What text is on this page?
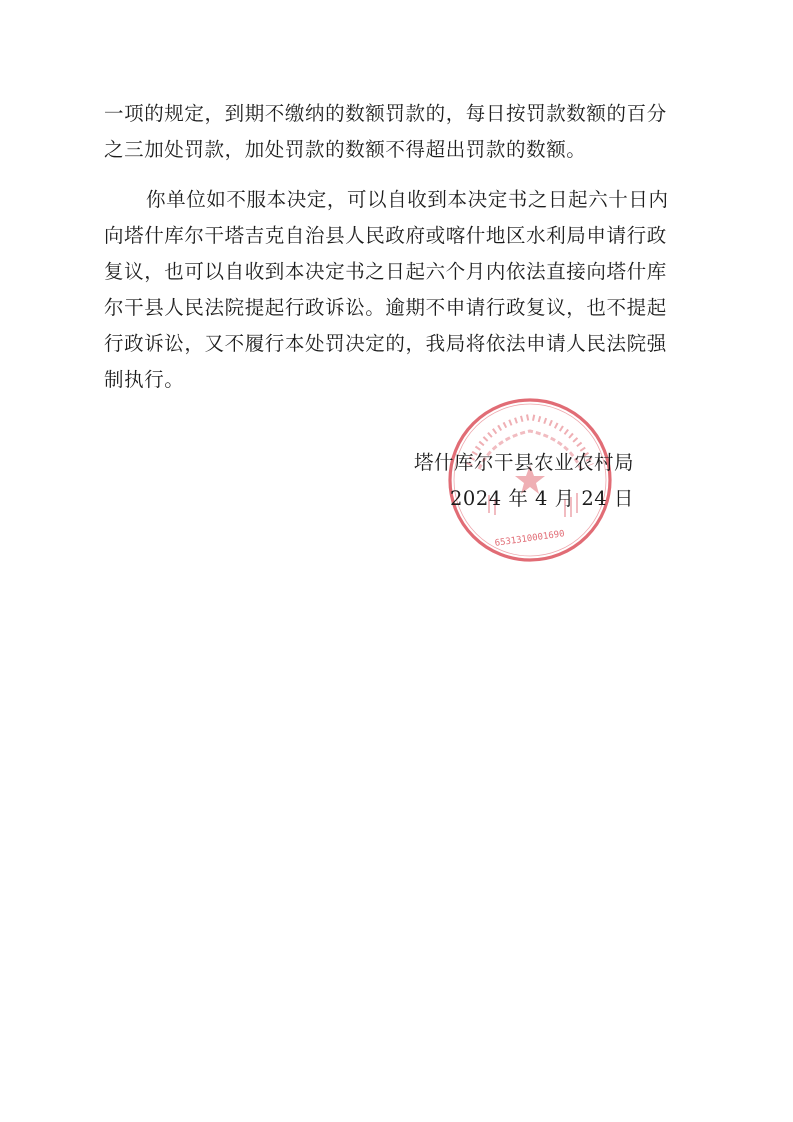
一项的规定，到期不缴纳的数额罚款的，每日按罚款数额的百分
之三加处罚款，加处罚款的数额不得超出罚款的数额。

你单位如不服本决定，可以自收到本决定书之日起六十日内
向塔什库尔干塔吉克自治县人民政府或喀什地区水利局申请行政
复议，也可以自收到本决定书之日起六个月内依法直接向塔什库
尔干县人民法院提起行政诉讼。逾期不申请行政复议，也不提起
行政诉讼，又不履行本处罚决定的，我局将依法申请人民法院强
制执行。

6531310001690
塔什库尔干县农业农村局
2024 年 4 月 24 日
